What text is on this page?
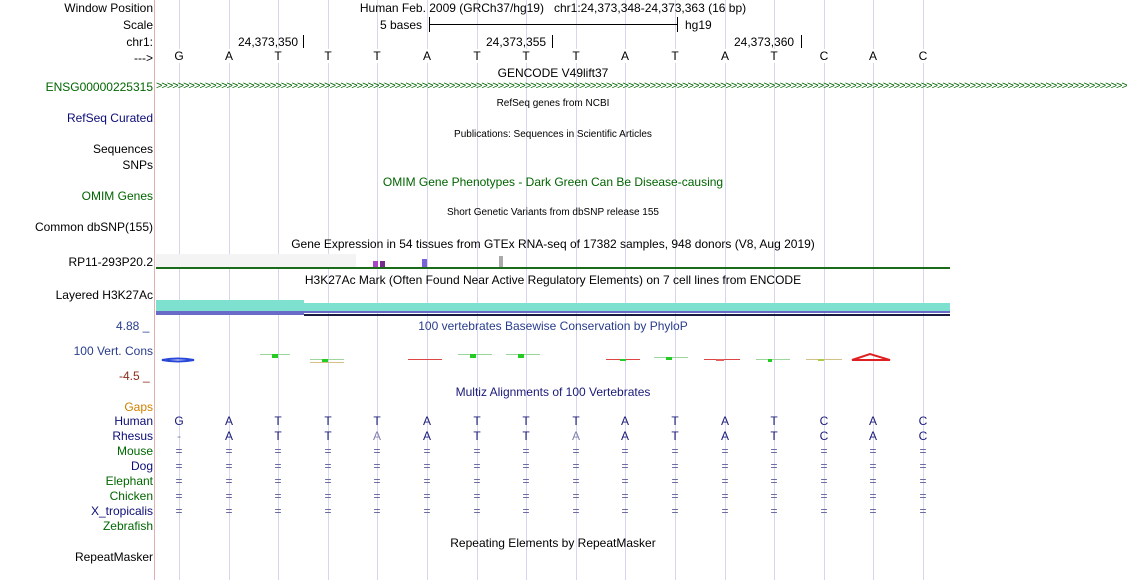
Window Position	Human Feb. 2009 (GRCh37/hg19)   chr1:24,373,348-24,373,363 (16 bp)
Scale	5 bases	hg19
chr1:	24,373,350	24,373,355	24,373,360
--->	G	A	T	T	T	A	T	T	T	A	T	A	T	C	A	C
GENCODE V49lift37
ENSG00000225315 >>>>>>>>>>>>>>>>>>>>>>>>>>>>>>>>>>>>>>>>>>>>>>>>>>>>>>>>>>>>>>>>>>>>>>>>>>>>>>>>>>>>>>>>>>>>>>>>>>>>>>>>>>>>>>>>>>>>>>>>>>>>>>>>>>>>>>>>>>>>>>>>>>>>>>>>>>>>>>>>>>>>>>>>>>>>>>>>>>>
RefSeq genes from NCBI
RefSeq Curated
Publications: Sequences in Scientific Articles
Sequences
SNPs
OMIM Gene Phenotypes - Dark Green Can Be Disease-causing
OMIM Genes
Short Genetic Variants from dbSNP release 155
Common dbSNP(155)
Gene Expression in 54 tissues from GTEx RNA-seq of 17382 samples, 948 donors (V8, Aug 2019)
RP11-293P20.2
H3K27Ac Mark (Often Found Near Active Regulatory Elements) on 7 cell lines from ENCODE
Layered H3K27Ac
100 vertebrates Basewise Conservation by PhyloP
4.88 _
100 Vert. Cons
-4.5 _
Multiz Alignments of 100 Vertebrates
Gaps
Human	G	A	T	T	T	A	T	T	T	A	T	A	T	C	A	C
Rhesus	-	A	T	T	A	A	T	T	A	A	T	A	T	C	A	C
Mouse	=	=	=	=	=	=	=	=	=	=	=	=	=	=	=	=
Dog	=	=	=	=	=	=	=	=	=	=	=	=	=	=	=	=
Elephant	=	=	=	=	=	=	=	=	=	=	=	=	=	=	=	=
Chicken	=	=	=	=	=	=	=	=	=	=	=	=	=	=	=	=
X_tropicalis	=	=	=	=	=	=	=	=	=	=	=	=	=	=	=	=
Zebrafish
Repeating Elements by RepeatMasker
RepeatMasker
